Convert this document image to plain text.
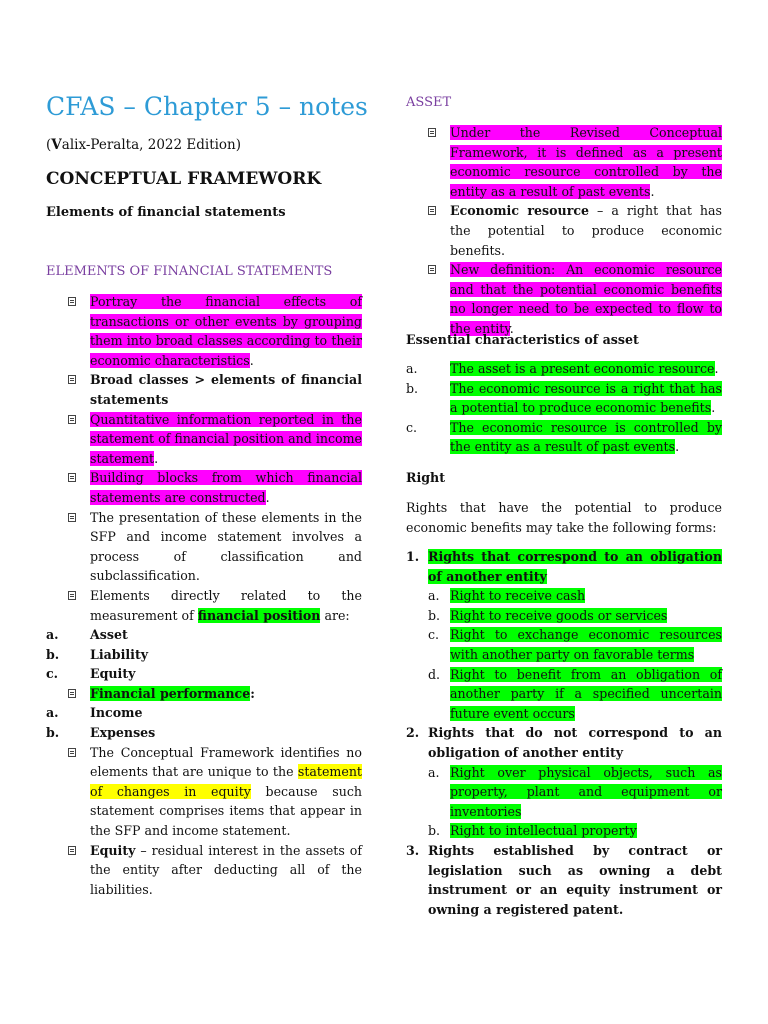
CFAS – Chapter 5 – notes
(Valix-Peralta, 2022 Edition)
CONCEPTUAL FRAMEWORK
Elements of financial statements
ELEMENTS OF FINANCIAL STATEMENTS
Portray the financial effects of transactions or other events by grouping them into broad classes according to their economic characteristics.
Broad classes > elements of financial statements
Quantitative information reported in the statement of financial position and income statement.
Building blocks from which financial statements are constructed.
The presentation of these elements in the SFP and income statement involves a process of classification and subclassification.
Elements directly related to the measurement of financial position are:
a. Asset
b. Liability
c.	Equity
Financial performance:
a. Income
b. Expenses
The Conceptual Framework identifies no elements that are unique to the statement of changes in equity because such statement comprises items that appear in the SFP and income statement.
Equity – residual interest in the assets of the entity after deducting all of the liabilities.
ASSET
Under the Revised Conceptual Framework, it is defined as a present economic resource controlled by the entity as a result of past events.
Economic resource – a right that has the potential to produce economic benefits.
New definition: An economic resource and that the potential economic benefits no longer need to be expected to flow to the entity.
Essential characteristics of asset
a.	The asset is a present economic resource.
b.	The economic resource is a right that has a potential to produce economic benefits.
c.	The economic resource is controlled by the entity as a result of past events.
Right
Rights that have the potential to produce economic benefits may take the following forms:
1. Rights that correspond to an obligation of another entity
a. Right to receive cash
b. Right to receive goods or services
c. Right to exchange economic resources with another party on favorable terms
d. Right to benefit from an obligation of another party if a specified uncertain future event occurs
2. Rights that do not correspond to an obligation of another entity
a. Right over physical objects, such as property, plant and equipment or inventories
b. Right to intellectual property
3. Rights established by contract or legislation such as owning a debt instrument or an equity instrument or owning a registered patent.
